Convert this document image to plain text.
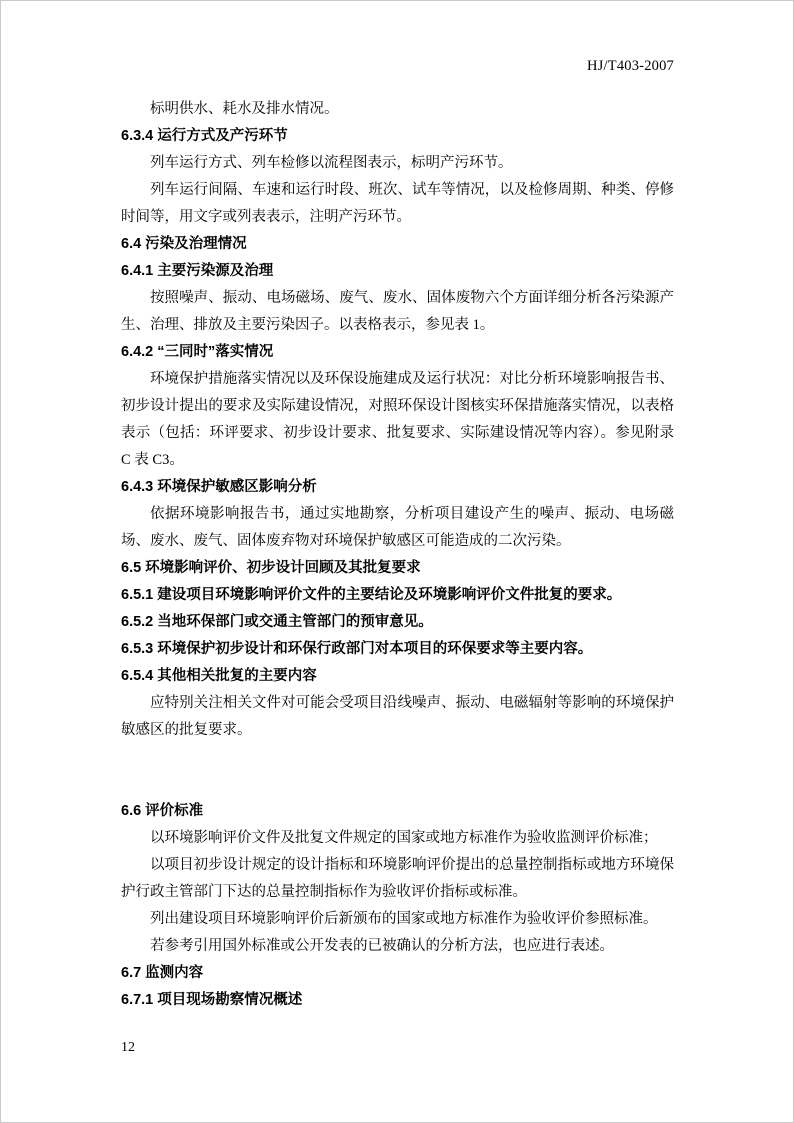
HJ/T403-2007

标明供水、耗水及排水情况。

6.3.4 运行方式及产污环节

列车运行方式、列车检修以流程图表示，标明产污环节。

列车运行间隔、车速和运行时段、班次、试车等情况，以及检修周期、种类、停修时间等，用文字或列表表示，注明产污环节。

6.4 污染及治理情况
6.4.1 主要污染源及治理

按照噪声、振动、电场磁场、废气、废水、固体废物六个方面详细分析各污染源产生、治理、排放及主要污染因子。以表格表示，参见表 1。

6.4.2 “三同时”落实情况

环境保护措施落实情况以及环保设施建成及运行状况：对比分析环境影响报告书、初步设计提出的要求及实际建设情况，对照环保设计图核实环保措施落实情况，以表格表示（包括：环评要求、初步设计要求、批复要求、实际建设情况等内容）。参见附录 C 表 C3。

6.4.3 环境保护敏感区影响分析

依据环境影响报告书，通过实地勘察，分析项目建设产生的噪声、振动、电场磁场、废水、废气、固体废弃物对环境保护敏感区可能造成的二次污染。

6.5 环境影响评价、初步设计回顾及其批复要求
6.5.1 建设项目环境影响评价文件的主要结论及环境影响评价文件批复的要求。
6.5.2 当地环保部门或交通主管部门的预审意见。
6.5.3 环境保护初步设计和环保行政部门对本项目的环保要求等主要内容。
6.5.4 其他相关批复的主要内容

应特别关注相关文件对可能会受项目沿线噪声、振动、电磁辐射等影响的环境保护敏感区的批复要求。

6.6 评价标准

以环境影响评价文件及批复文件规定的国家或地方标准作为验收监测评价标准；

以项目初步设计规定的设计指标和环境影响评价提出的总量控制指标或地方环境保护行政主管部门下达的总量控制指标作为验收评价指标或标准。

列出建设项目环境影响评价后新颁布的国家或地方标准作为验收评价参照标准。

若参考引用国外标准或公开发表的已被确认的分析方法，也应进行表述。

6.7 监测内容
6.7.1 项目现场勘察情况概述
12
